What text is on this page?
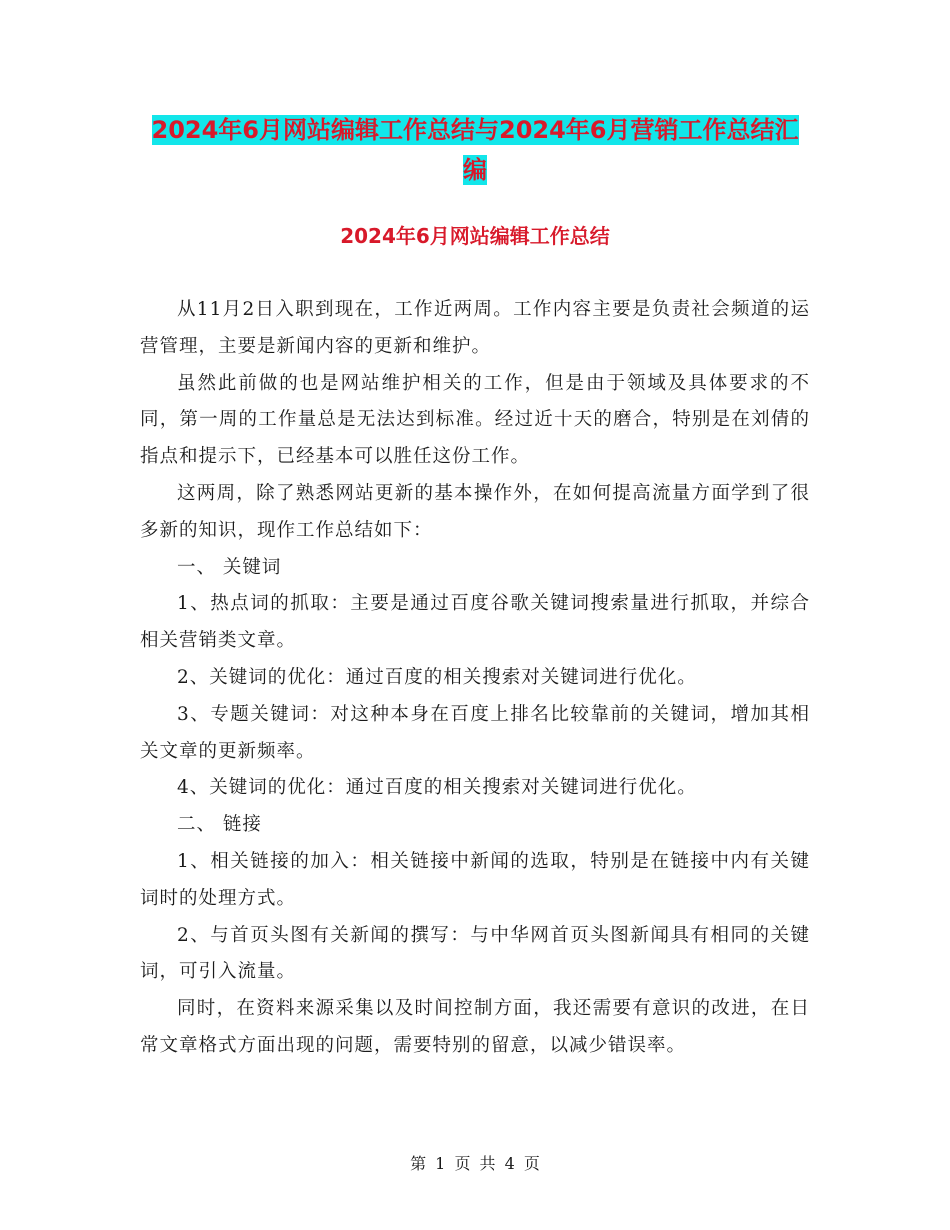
2024年6月网站编辑工作总结与2024年6月营销工作总结汇编
2024年6月网站编辑工作总结

从11月2日入职到现在，工作近两周。工作内容主要是负责社会频道的运营管理，主要是新闻内容的更新和维护。

虽然此前做的也是网站维护相关的工作，但是由于领域及具体要求的不同，第一周的工作量总是无法达到标准。经过近十天的磨合，特别是在刘倩的指点和提示下，已经基本可以胜任这份工作。

这两周，除了熟悉网站更新的基本操作外，在如何提高流量方面学到了很多新的知识，现作工作总结如下：

一、 关键词

1、热点词的抓取：主要是通过百度谷歌关键词搜索量进行抓取，并综合相关营销类文章。

2、关键词的优化：通过百度的相关搜索对关键词进行优化。

3、专题关键词：对这种本身在百度上排名比较靠前的关键词，增加其相关文章的更新频率。

4、关键词的优化：通过百度的相关搜索对关键词进行优化。

二、 链接

1、相关链接的加入：相关链接中新闻的选取，特别是在链接中内有关键词时的处理方式。

2、与首页头图有关新闻的撰写：与中华网首页头图新闻具有相同的关键词，可引入流量。

同时，在资料来源采集以及时间控制方面，我还需要有意识的改进，在日常文章格式方面出现的问题，需要特别的留意，以减少错误率。

第 1 页 共 4 页
